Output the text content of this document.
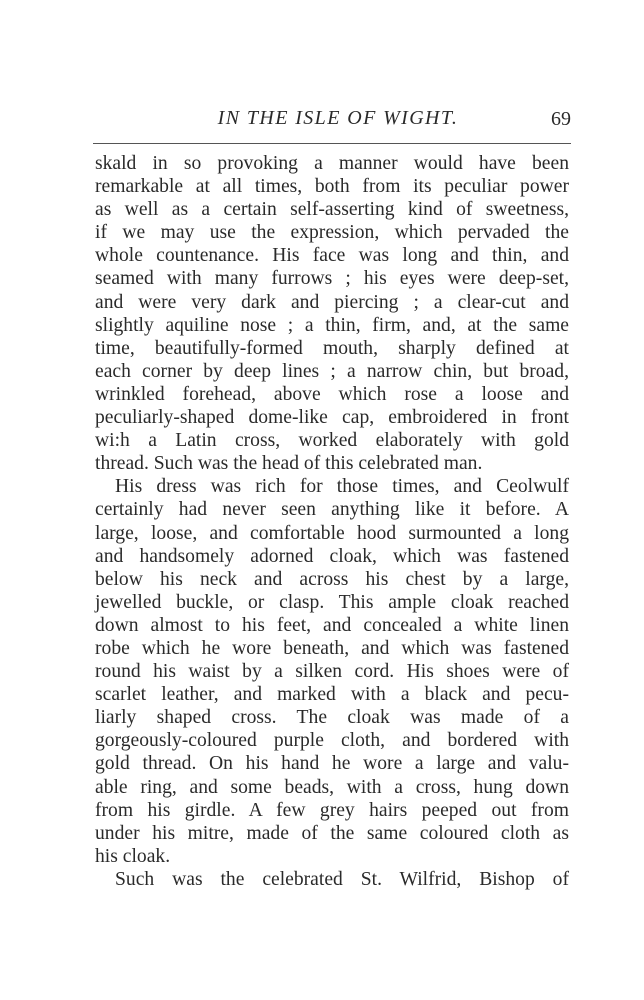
IN THE ISLE OF WIGHT.	69
skald in so provoking a manner would have been
remarkable at all times, both from its peculiar power
as well as a certain self-asserting kind of sweetness,
if we may use the expression, which pervaded the
whole countenance. His face was long and thin, and
seamed with many furrows ; his eyes were deep-set,
and were very dark and piercing ; a clear-cut and
slightly aquiline nose ; a thin, firm, and, at the same
time, beautifully-formed mouth, sharply defined at
each corner by deep lines ; a narrow chin, but broad,
wrinkled forehead, above which rose a loose and
peculiarly-shaped dome-like cap, embroidered in front
wi:h a Latin cross, worked elaborately with gold
thread. Such was the head of this celebrated man.
His dress was rich for those times, and Ceolwulf
certainly had never seen anything like it before. A
large, loose, and comfortable hood surmounted a long
and handsomely adorned cloak, which was fastened
below his neck and across his chest by a large,
jewelled buckle, or clasp. This ample cloak reached
down almost to his feet, and concealed a white linen
robe which he wore beneath, and which was fastened
round his waist by a silken cord. His shoes were of
scarlet leather, and marked with a black and pecu-
liarly shaped cross. The cloak was made of a
gorgeously-coloured purple cloth, and bordered with
gold thread. On his hand he wore a large and valu-
able ring, and some beads, with a cross, hung down
from his girdle. A few grey hairs peeped out from
under his mitre, made of the same coloured cloth as
his cloak.
Such was the celebrated St. Wilfrid, Bishop of
